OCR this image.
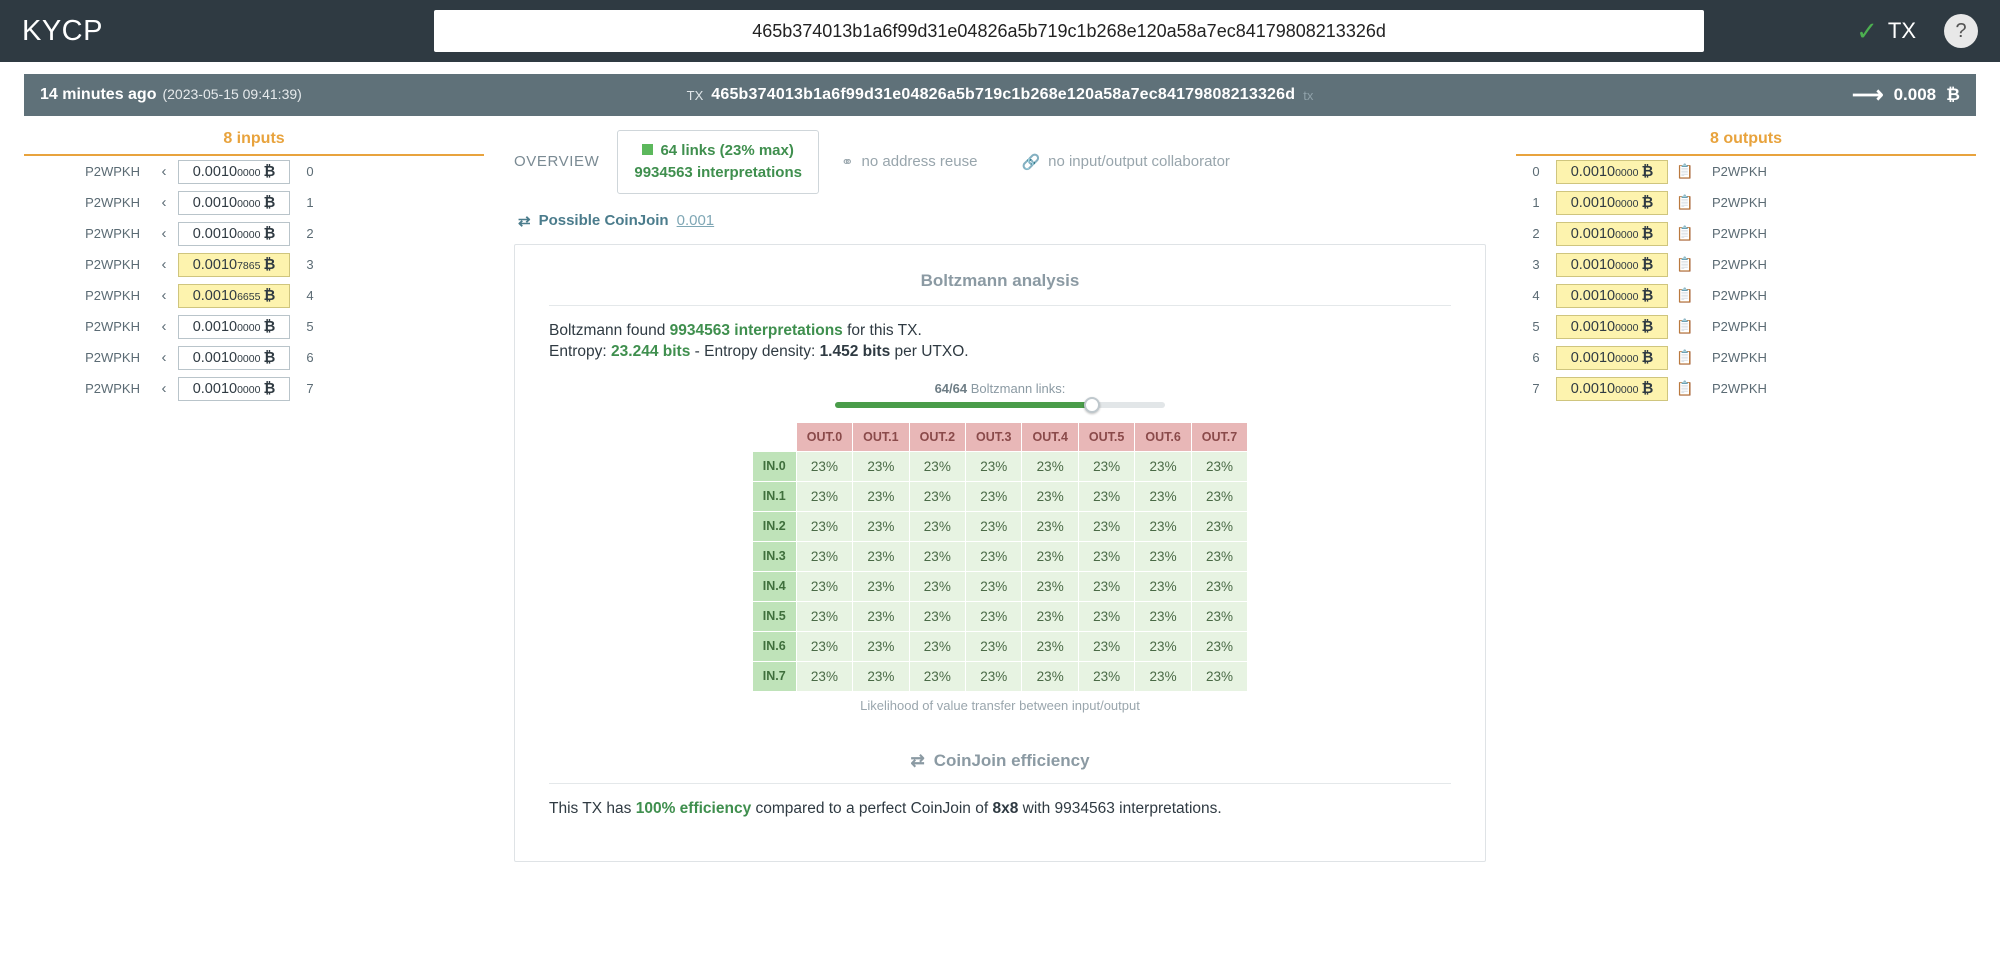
KYCP
465b374013b1a6f99d31e04826a5b719c1b268e120a58a7ec84179808213326d	✓ TX	?
14 minutes ago (2023-05-15 09:41:39)	TX 465b374013b1a6f99d31e04826a5b719c1b268e120a58a7ec84179808213326d tx	⟶ 0.008 ₿
8 inputs
P2WPKH	‹	0.0010 0000 ₿	0
P2WPKH	‹	0.0010 0000 ₿	1
P2WPKH	‹	0.0010 0000 ₿	2
P2WPKH	‹	0.0010 7865 ₿	3
P2WPKH	‹	0.0010 6655 ₿	4
P2WPKH	‹	0.0010 0000 ₿	5
P2WPKH	‹	0.0010 0000 ₿	6
P2WPKH	‹	0.0010 0000 ₿	7
OVERVIEW
64 links (23% max)
9934563 interpretations
⚭ no address reuse	🔗 no input/output collaborator
⇄ Possible CoinJoin 0.001
Boltzmann analysis

Boltzmann found 9934563 interpretations for this TX.

Entropy: 23.244 bits - Entropy density: 1.452 bits per UTXO.

64/64 Boltzmann links:
	OUT.0	OUT.1	OUT.2	OUT.3	OUT.4	OUT.5	OUT.6	OUT.7
IN.0	23%	23%	23%	23%	23%	23%	23%	23%
IN.1	23%	23%	23%	23%	23%	23%	23%	23%
IN.2	23%	23%	23%	23%	23%	23%	23%	23%
IN.3	23%	23%	23%	23%	23%	23%	23%	23%
IN.4	23%	23%	23%	23%	23%	23%	23%	23%
IN.5	23%	23%	23%	23%	23%	23%	23%	23%
IN.6	23%	23%	23%	23%	23%	23%	23%	23%
IN.7	23%	23%	23%	23%	23%	23%	23%	23%
Likelihood of value transfer between input/output
⇄ CoinJoin efficiency

This TX has 100% efficiency compared to a perfect CoinJoin of 8x8 with 9934563 interpretations.

8 outputs
0	0.0010 0000 ₿	📋	P2WPKH
1	0.0010 0000 ₿	📋	P2WPKH
2	0.0010 0000 ₿	📋	P2WPKH
3	0.0010 0000 ₿	📋	P2WPKH
4	0.0010 0000 ₿	📋	P2WPKH
5	0.0010 0000 ₿	📋	P2WPKH
6	0.0010 0000 ₿	📋	P2WPKH
7	0.0010 0000 ₿	📋	P2WPKH
